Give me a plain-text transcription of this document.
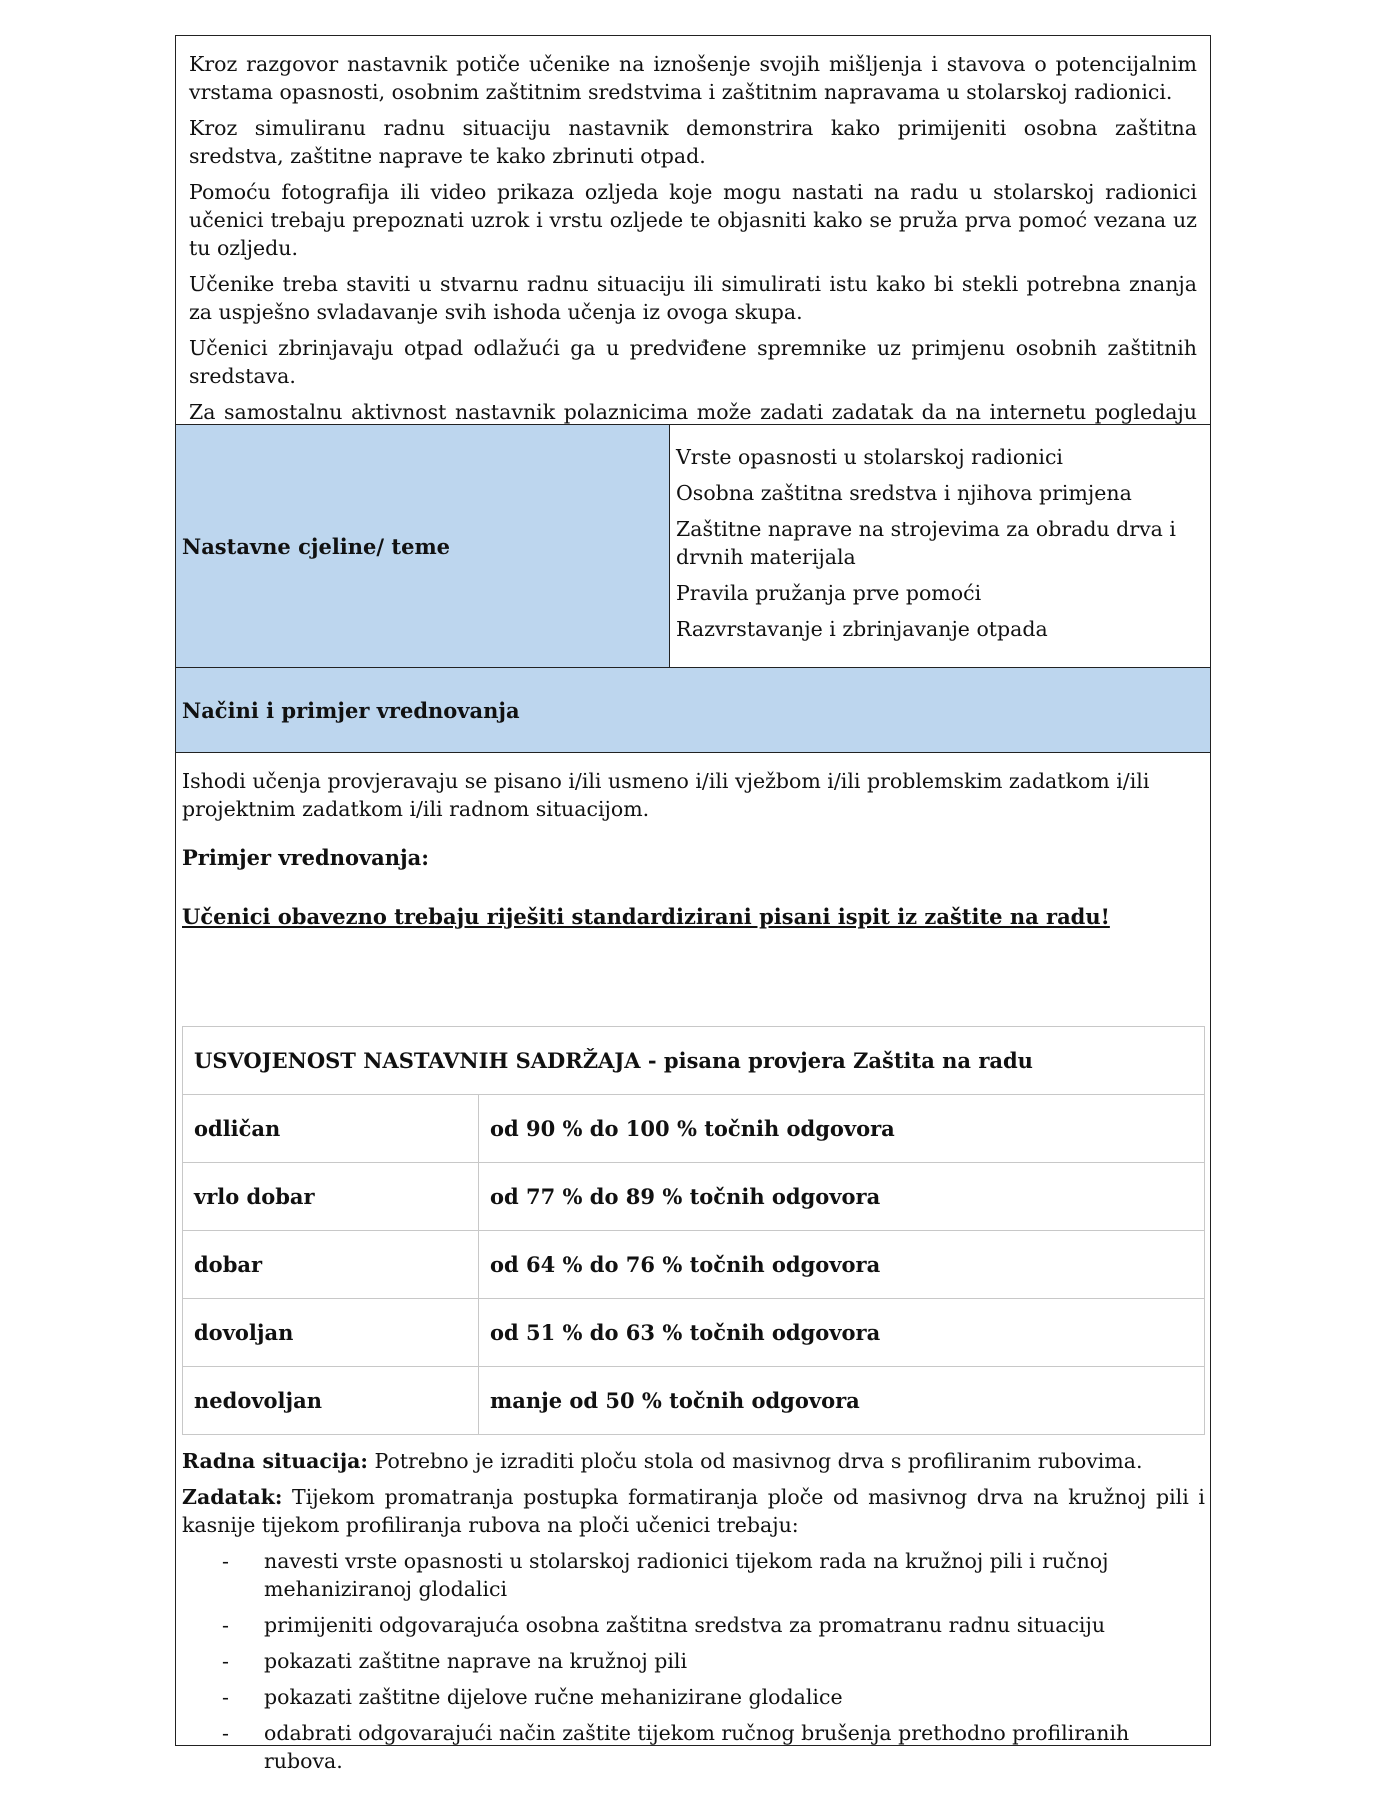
Kroz razgovor nastavnik potiče učenike na iznošenje svojih mišljenja i stavova o potencijalnim vrstama opasnosti, osobnim zaštitnim sredstvima i zaštitnim napravama u stolarskoj radionici.

Kroz simuliranu radnu situaciju nastavnik demonstrira kako primijeniti osobna zaštitna sredstva, zaštitne naprave te kako zbrinuti otpad.

Pomoću fotografija ili video prikaza ozljeda koje mogu nastati na radu u stolarskoj radionici učenici trebaju prepoznati uzrok i vrstu ozljede te objasniti kako se pruža prva pomoć vezana uz tu ozljedu.

Učenike treba staviti u stvarnu radnu situaciju ili simulirati istu kako bi stekli potrebna znanja za uspješno svladavanje svih ishoda učenja iz ovoga skupa.

Učenici zbrinjavaju otpad odlažući ga u predviđene spremnike uz primjenu osobnih zaštitnih sredstava.

Za samostalnu aktivnost nastavnik polaznicima može zadati zadatak da na internetu pogledaju

Nastavne cjeline/ teme
Vrste opasnosti u stolarskoj radionici
Osobna zaštitna sredstva i njihova primjena
Zaštitne naprave na strojevima za obradu drva i drvnih materijala
Pravila pružanja prve pomoći
Razvrstavanje i zbrinjavanje otpada
Načini i primjer vrednovanja

Ishodi učenja provjeravaju se pisano i/ili usmeno i/ili vježbom i/ili problemskim zadatkom i/ili projektnim zadatkom i/ili radnom situacijom.

Primjer vrednovanja:

Učenici obavezno trebaju riješiti standardizirani pisani ispit iz zaštite na radu!

USVOJENOST NASTAVNIH SADRŽAJA - pisana provjera Zaštita na radu	
odličan	od 90 % do 100 % točnih odgovora
vrlo dobar	od 77 % do 89 % točnih odgovora
dobar	od 64 % do 76 % točnih odgovora
dovoljan	od 51 % do 63 % točnih odgovora
nedovoljan	manje od 50 % točnih odgovora

Radna situacija: Potrebno je izraditi ploču stola od masivnog drva s profiliranim rubovima.

Zadatak: Tijekom promatranja postupka formatiranja ploče od masivnog drva na kružnoj pili i kasnije tijekom profiliranja rubova na ploči učenici trebaju:

- navesti vrste opasnosti u stolarskoj radionici tijekom rada na kružnoj pili i ručnoj mehaniziranoj glodalici
- primijeniti odgovarajuća osobna zaštitna sredstva za promatranu radnu situaciju
- pokazati zaštitne naprave na kružnoj pili
- pokazati zaštitne dijelove ručne mehanizirane glodalice
- odabrati odgovarajući način zaštite tijekom ručnog brušenja prethodno profiliranih rubova.
